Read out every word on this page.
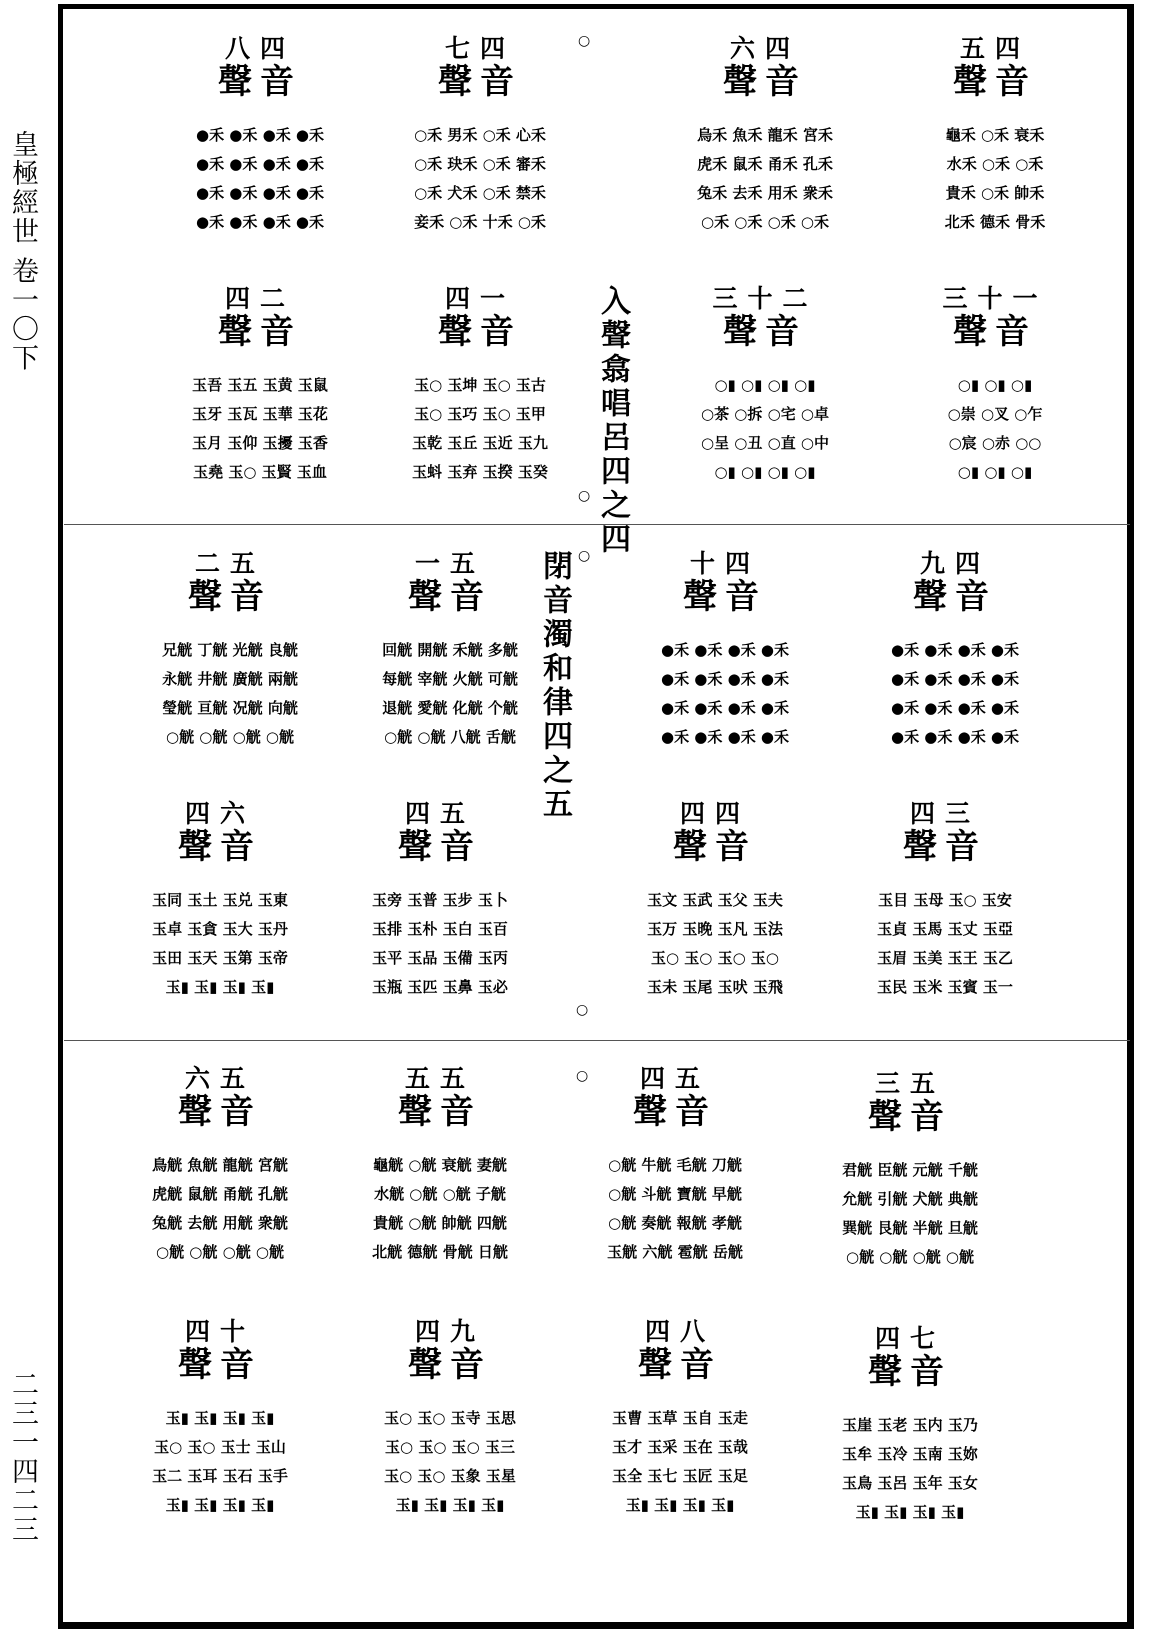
皇極經世 卷一〇下
二三一四二三
入聲翕唱呂四之四
閉音濁和律四之五
○
○
○
○
○
八四
聲音
●禾 ●禾 ●禾 ●禾
●禾 ●禾 ●禾 ●禾
●禾 ●禾 ●禾 ●禾
●禾 ●禾 ●禾 ●禾
七四
聲音
○禾 男禾 ○禾 心禾
○禾 玦禾 ○禾 審禾
○禾 犬禾 ○禾 禁禾
妾禾 ○禾 十禾 ○禾
六四
聲音
烏禾 魚禾 龍禾 宮禾
虎禾 鼠禾 甬禾 孔禾
兔禾 去禾 用禾 衆禾
○禾 ○禾 ○禾 ○禾
五四
聲音
龜禾 ○禾 衰禾
水禾 ○禾 ○禾
貴禾 ○禾 帥禾
北禾 德禾 骨禾
四二
聲音
玉吾 玉五 玉黄 玉鼠
玉牙 玉瓦 玉華 玉花
玉月 玉仰 玉擾 玉香
玉堯 玉○ 玉賢 玉血
四一
聲音
玉○ 玉坤 玉○ 玉古
玉○ 玉巧 玉○ 玉甲
玉乾 玉丘 玉近 玉九
玉蚪 玉弃 玉揆 玉癸
三十二
聲音
○▮ ○▮ ○▮ ○▮
○茶 ○拆 ○宅 ○卓
○呈 ○丑 ○直 ○中
○▮ ○▮ ○▮ ○▮
三十一
聲音
○▮ ○▮ ○▮
○崇 ○叉 ○乍
○宸 ○赤 ○○
○▮ ○▮ ○▮
二五
聲音
兄觥 丁觥 光觥 良觥
永觥 井觥 廣觥 兩觥
瑩觥 亘觥 况觥 向觥
○觥 ○觥 ○觥 ○觥
一五
聲音
回觥 開觥 禾觥 多觥
每觥 宰觥 火觥 可觥
退觥 愛觥 化觥 个觥
○觥 ○觥 八觥 舌觥
十四
聲音
●禾 ●禾 ●禾 ●禾
●禾 ●禾 ●禾 ●禾
●禾 ●禾 ●禾 ●禾
●禾 ●禾 ●禾 ●禾
九四
聲音
●禾 ●禾 ●禾 ●禾
●禾 ●禾 ●禾 ●禾
●禾 ●禾 ●禾 ●禾
●禾 ●禾 ●禾 ●禾
四六
聲音
玉同 玉土 玉兑 玉東
玉卓 玉貪 玉大 玉丹
玉田 玉天 玉第 玉帝
玉▮ 玉▮ 玉▮ 玉▮
四五
聲音
玉旁 玉普 玉步 玉卜
玉排 玉朴 玉白 玉百
玉平 玉品 玉備 玉丙
玉瓶 玉匹 玉鼻 玉必
四四
聲音
玉文 玉武 玉父 玉夫
玉万 玉晚 玉凡 玉法
玉○ 玉○ 玉○ 玉○
玉未 玉尾 玉吠 玉飛
四三
聲音
玉目 玉母 玉○ 玉安
玉貞 玉馬 玉丈 玉亞
玉眉 玉美 玉王 玉乙
玉民 玉米 玉賓 玉一
六五
聲音
鳥觥 魚觥 龍觥 宮觥
虎觥 鼠觥 甬觥 孔觥
兔觥 去觥 用觥 衆觥
○觥 ○觥 ○觥 ○觥
五五
聲音
龜觥 ○觥 衰觥 妻觥
水觥 ○觥 ○觥 子觥
貴觥 ○觥 帥觥 四觥
北觥 德觥 骨觥 日觥
四五
聲音
○觥 牛觥 毛觥 刀觥
○觥 斗觥 寶觥 早觥
○觥 奏觥 報觥 孝觥
玉觥 六觥 雹觥 岳觥
三五
聲音
君觥 臣觥 元觥 千觥
允觥 引觥 犬觥 典觥
巽觥 艮觥 半觥 旦觥
○觥 ○觥 ○觥 ○觥
四十
聲音
玉▮ 玉▮ 玉▮ 玉▮
玉○ 玉○ 玉士 玉山
玉二 玉耳 玉石 玉手
玉▮ 玉▮ 玉▮ 玉▮
四九
聲音
玉○ 玉○ 玉寺 玉思
玉○ 玉○ 玉○ 玉三
玉○ 玉○ 玉象 玉星
玉▮ 玉▮ 玉▮ 玉▮
四八
聲音
玉曹 玉草 玉自 玉走
玉才 玉采 玉在 玉哉
玉全 玉七 玉匠 玉足
玉▮ 玉▮ 玉▮ 玉▮
四七
聲音
玉崖 玉老 玉内 玉乃
玉牟 玉冷 玉南 玉妳
玉鳥 玉呂 玉年 玉女
玉▮ 玉▮ 玉▮ 玉▮
